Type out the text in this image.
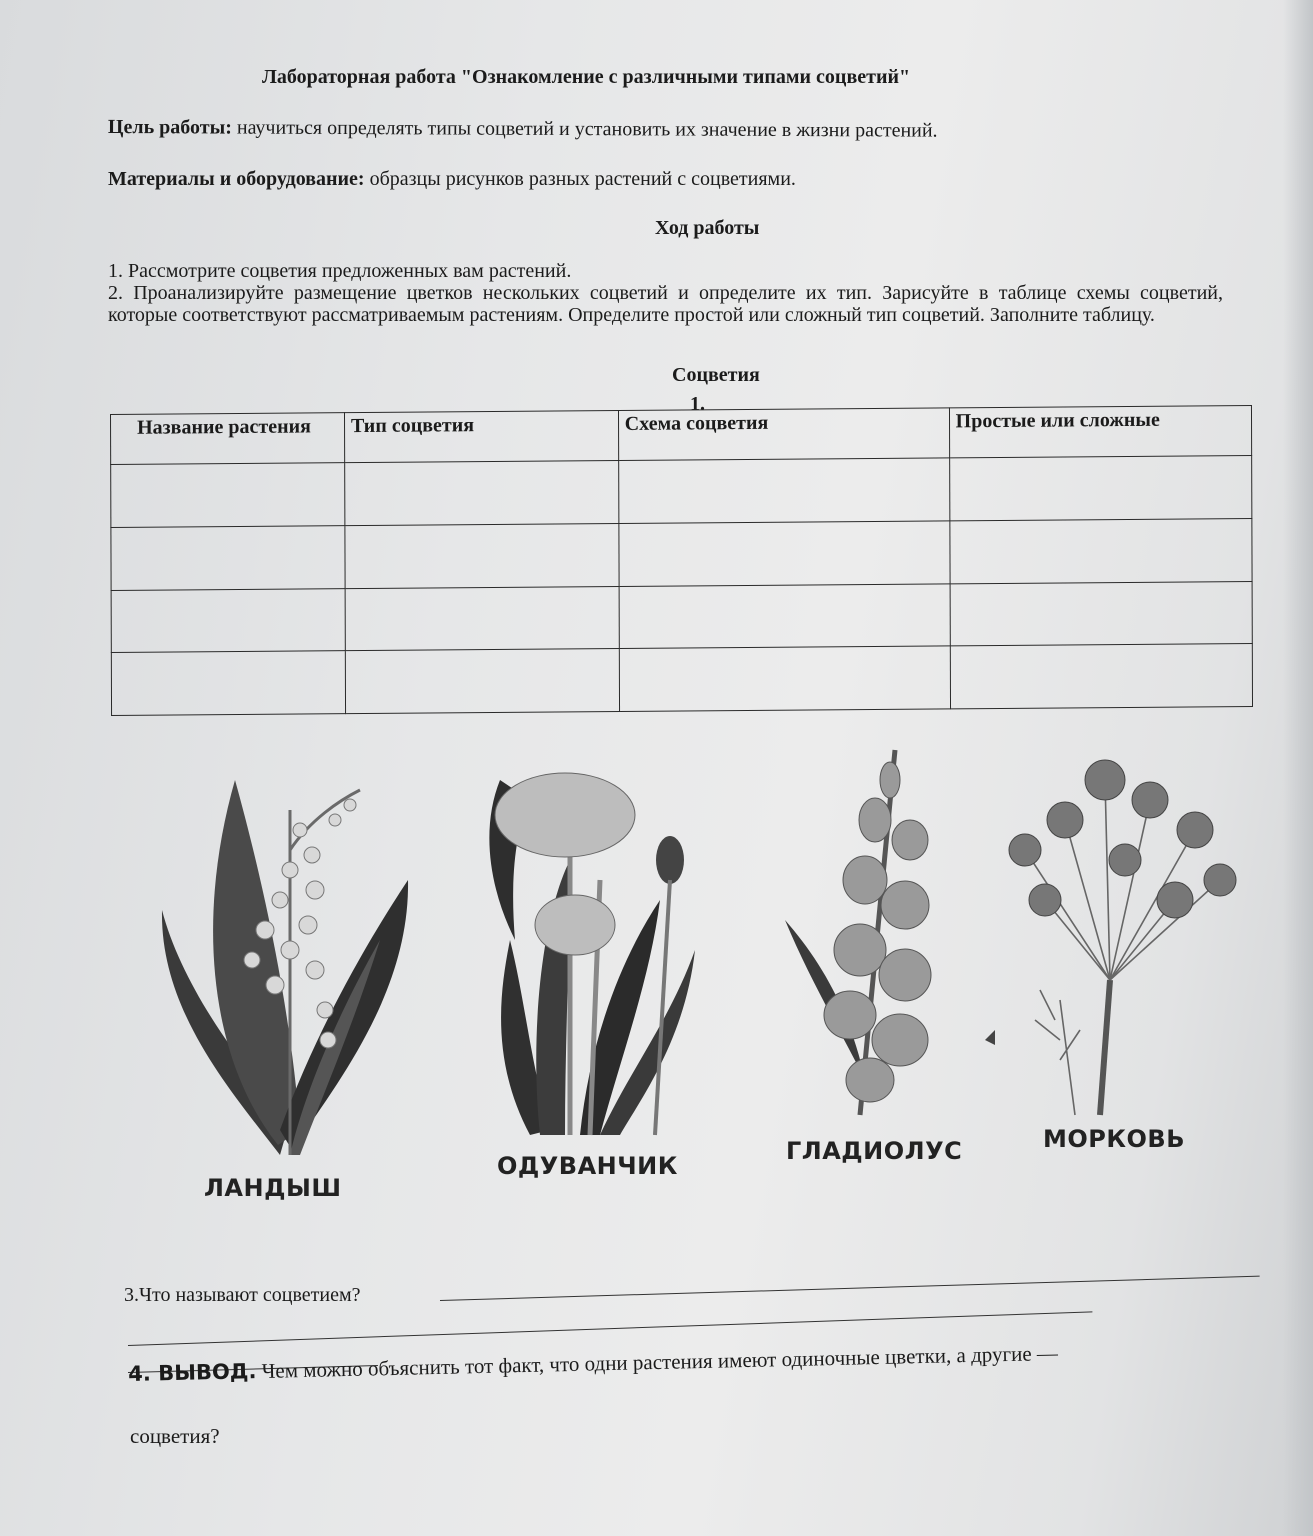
Лабораторная работа "Ознакомление с различными типами соцветий"
Цель работы: научиться определять типы соцветий и установить их значение в жизни растений.
Материалы и оборудование: образцы рисунков разных растений с соцветиями.
Ход работы

1. Рассмотрите соцветия предложенных вам растений.

2. Проанализируйте размещение цветков нескольких соцветий и определите их тип. Зарисуйте в таблице схемы соцветий, которые соответствуют рассматриваемым растениям. Определите простой или сложный тип соцветий. Заполните таблицу.

Соцветия
1.
Название растения	Тип соцветия	Схема соцветия	Простые или сложные

ЛАНДЫШ
ОДУВАНЧИК
ГЛАДИОЛУС	МОРКОВЬ
3.Что называют соцветием?
4. ВЫВОД. Чем можно объяснить тот факт, что одни растения имеют одиночные цветки, а другие —
соцветия?
